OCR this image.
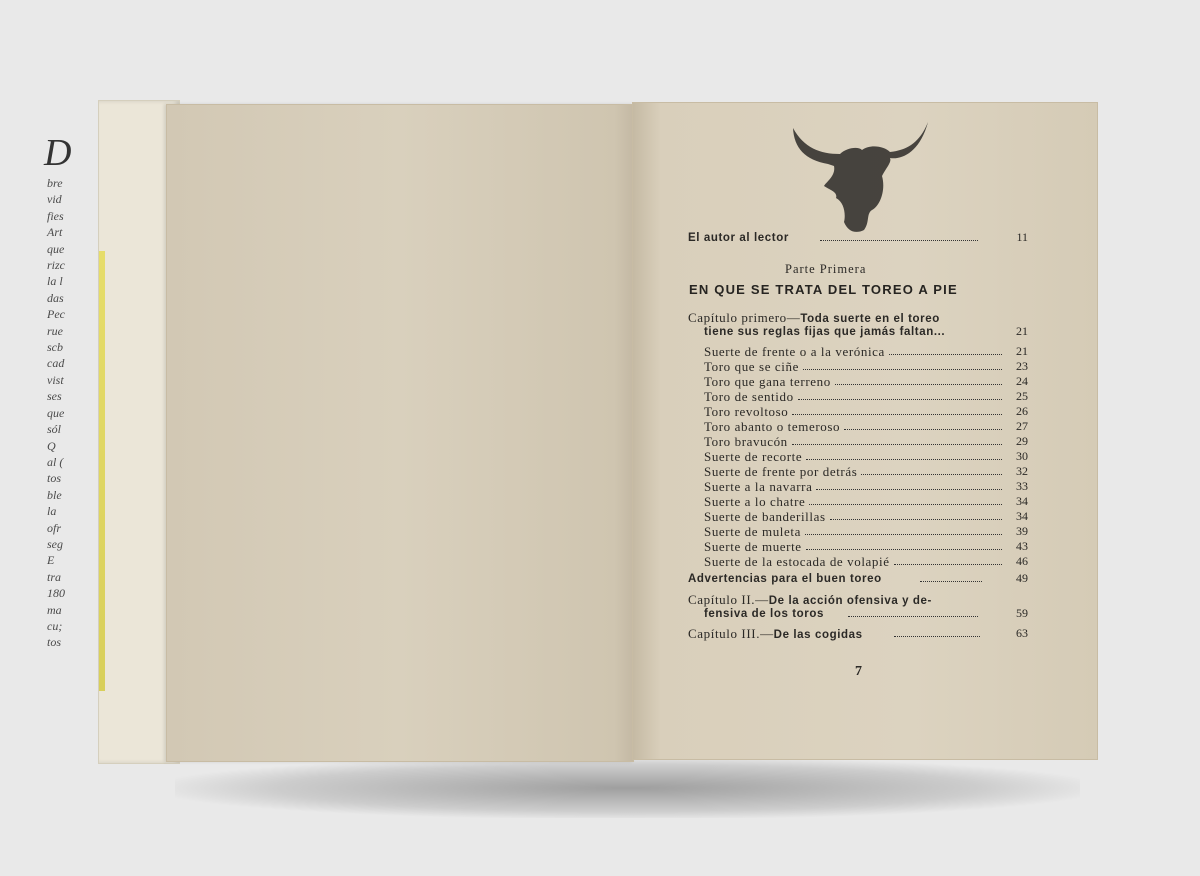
D
bre
vid
fies
Art
que
rizc
la l
das
Pec
rue
scb
cad
vist
ses
que
sól
Q
al (
tos
ble
la
ofr
seg
E
tra
180
ma
cu;
tos
Parte Primera
EN QUE SE TRATA DEL TOREO A PIE
El autor al lector	11
Capítulo primero—Toda suerte en el toreo
tiene sus reglas fijas que jamás faltan...	21
Suerte de frente o a la verónica	21
Toro que se ciñe	23
Toro que gana terreno	24
Toro de sentido	25
Toro revoltoso	26
Toro abanto o temeroso	27
Toro bravucón	29
Suerte de recorte	30
Suerte de frente por detrás	32
Suerte a la navarra	33
Suerte a lo chatre	34
Suerte de banderillas	34
Suerte de muleta	39
Suerte de muerte	43
Suerte de la estocada de volapié	46
Advertencias para el buen toreo	49
Capítulo II.—De la acción ofensiva y de-
fensiva de los toros	59
Capítulo III.—De las cogidas	63
7
